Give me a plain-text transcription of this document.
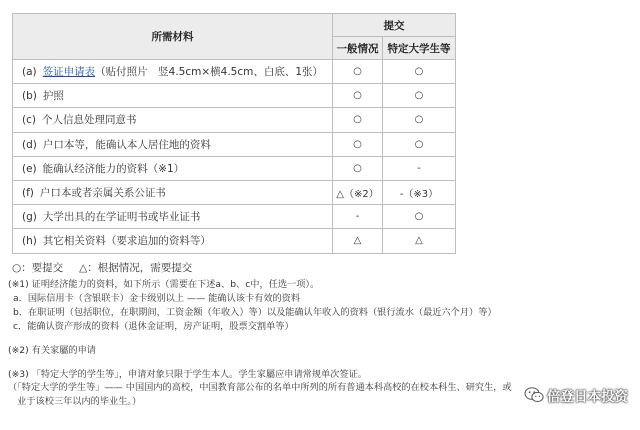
所需材料	提交	
	一般情况	特定大学生等
(a) 签证申请表（贴付照片　竖4.5cm×横4.5cm、白底、1张）	○	○
(b) 护照	○	○
(c) 个人信息处理同意书	○	○
(d) 户口本等，能确认本人居住地的资料	○	○
(e) 能确认经济能力的资料（※1）	○	-
(f) 户口本或者亲属关系公证书	△（※2）	-（※3）
(g) 大学出具的在学证明书或毕业证书	-	○
(h) 其它相关资料（要求追加的资料等）	△	△
○：要提交 △：根据情况，需要提交
(※1) 证明经济能力的资料，如下所示（需要在下述a、b、c中，任选一项）。
a．国际信用卡（含银联卡）金卡级别以上 —— 能确认该卡有效的资料
b．在职证明（包括职位，在职期间，工资金额（年收入）等）以及能确认年收入的资料（银行流水（最近六个月）等）
c．能确认资产形成的资料（退休金证明，房产证明，股票交割单等）
(※2) 有关家屬的申请
(※3) 「特定大学的学生等」，申请对象只限于学生本人。学生家屬应申请常规单次签证。
（「特定大学的学生等」—— 中国国内的高校，中国教育部公布的名单中所列的所有普通本科高校的在校本科生、研究生，或
　业于该校三年以内的毕业生。）	倍登日本投资
